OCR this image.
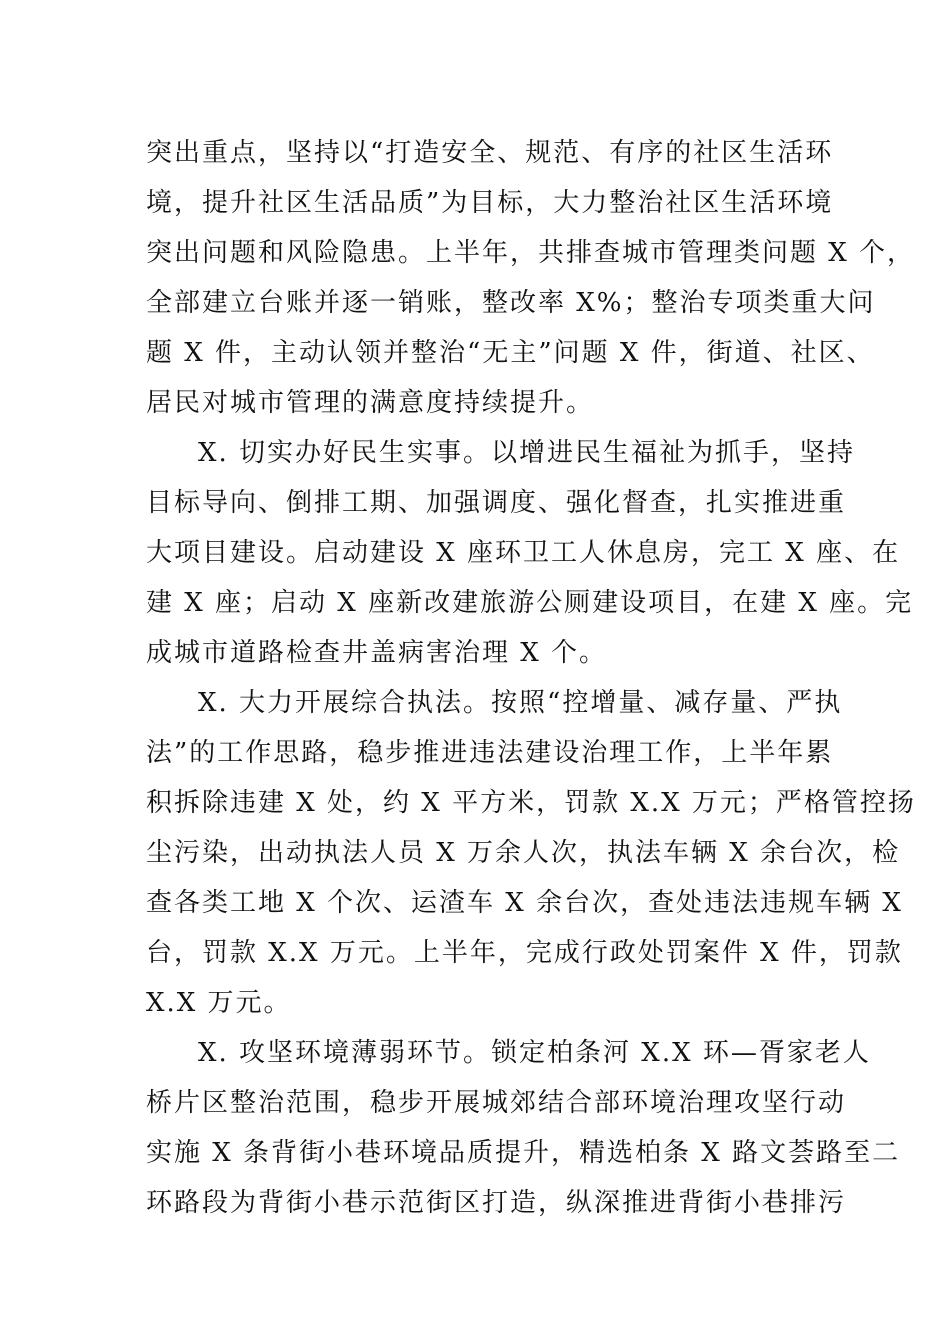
突出重点，坚持以“打造安全、规范、有序的社区生活环
境，提升社区生活品质”为目标，大力整治社区生活环境
突出问题和风险隐患。上半年，共排查城市管理类问题 X 个，
全部建立台账并逐一销账，整改率 X%；整治专项类重大问
题 X 件，主动认领并整治“无主”问题 X 件，街道、社区、
居民对城市管理的满意度持续提升。
X. 切实办好民生实事。以增进民生福祉为抓手，坚持
目标导向、倒排工期、加强调度、强化督查，扎实推进重
大项目建设。启动建设 X 座环卫工人休息房，完工 X 座、在
建 X 座；启动 X 座新改建旅游公厕建设项目，在建 X 座。完
成城市道路检查井盖病害治理 X 个。
X. 大力开展综合执法。按照“控增量、减存量、严执
法”的工作思路，稳步推进违法建设治理工作，上半年累
积拆除违建 X 处，约 X 平方米，罚款 X.X 万元；严格管控扬
尘污染，出动执法人员 X 万余人次，执法车辆 X 余台次，检
查各类工地 X 个次、运渣车 X 余台次，查处违法违规车辆 X
台，罚款 X.X 万元。上半年，完成行政处罚案件 X 件，罚款
X.X 万元。
X. 攻坚环境薄弱环节。锁定柏条河 X.X 环—胥家老人
桥片区整治范围，稳步开展城郊结合部环境治理攻坚行动
实施 X 条背街小巷环境品质提升，精选柏条 X 路文荟路至二
环路段为背街小巷示范街区打造，纵深推进背街小巷排污
